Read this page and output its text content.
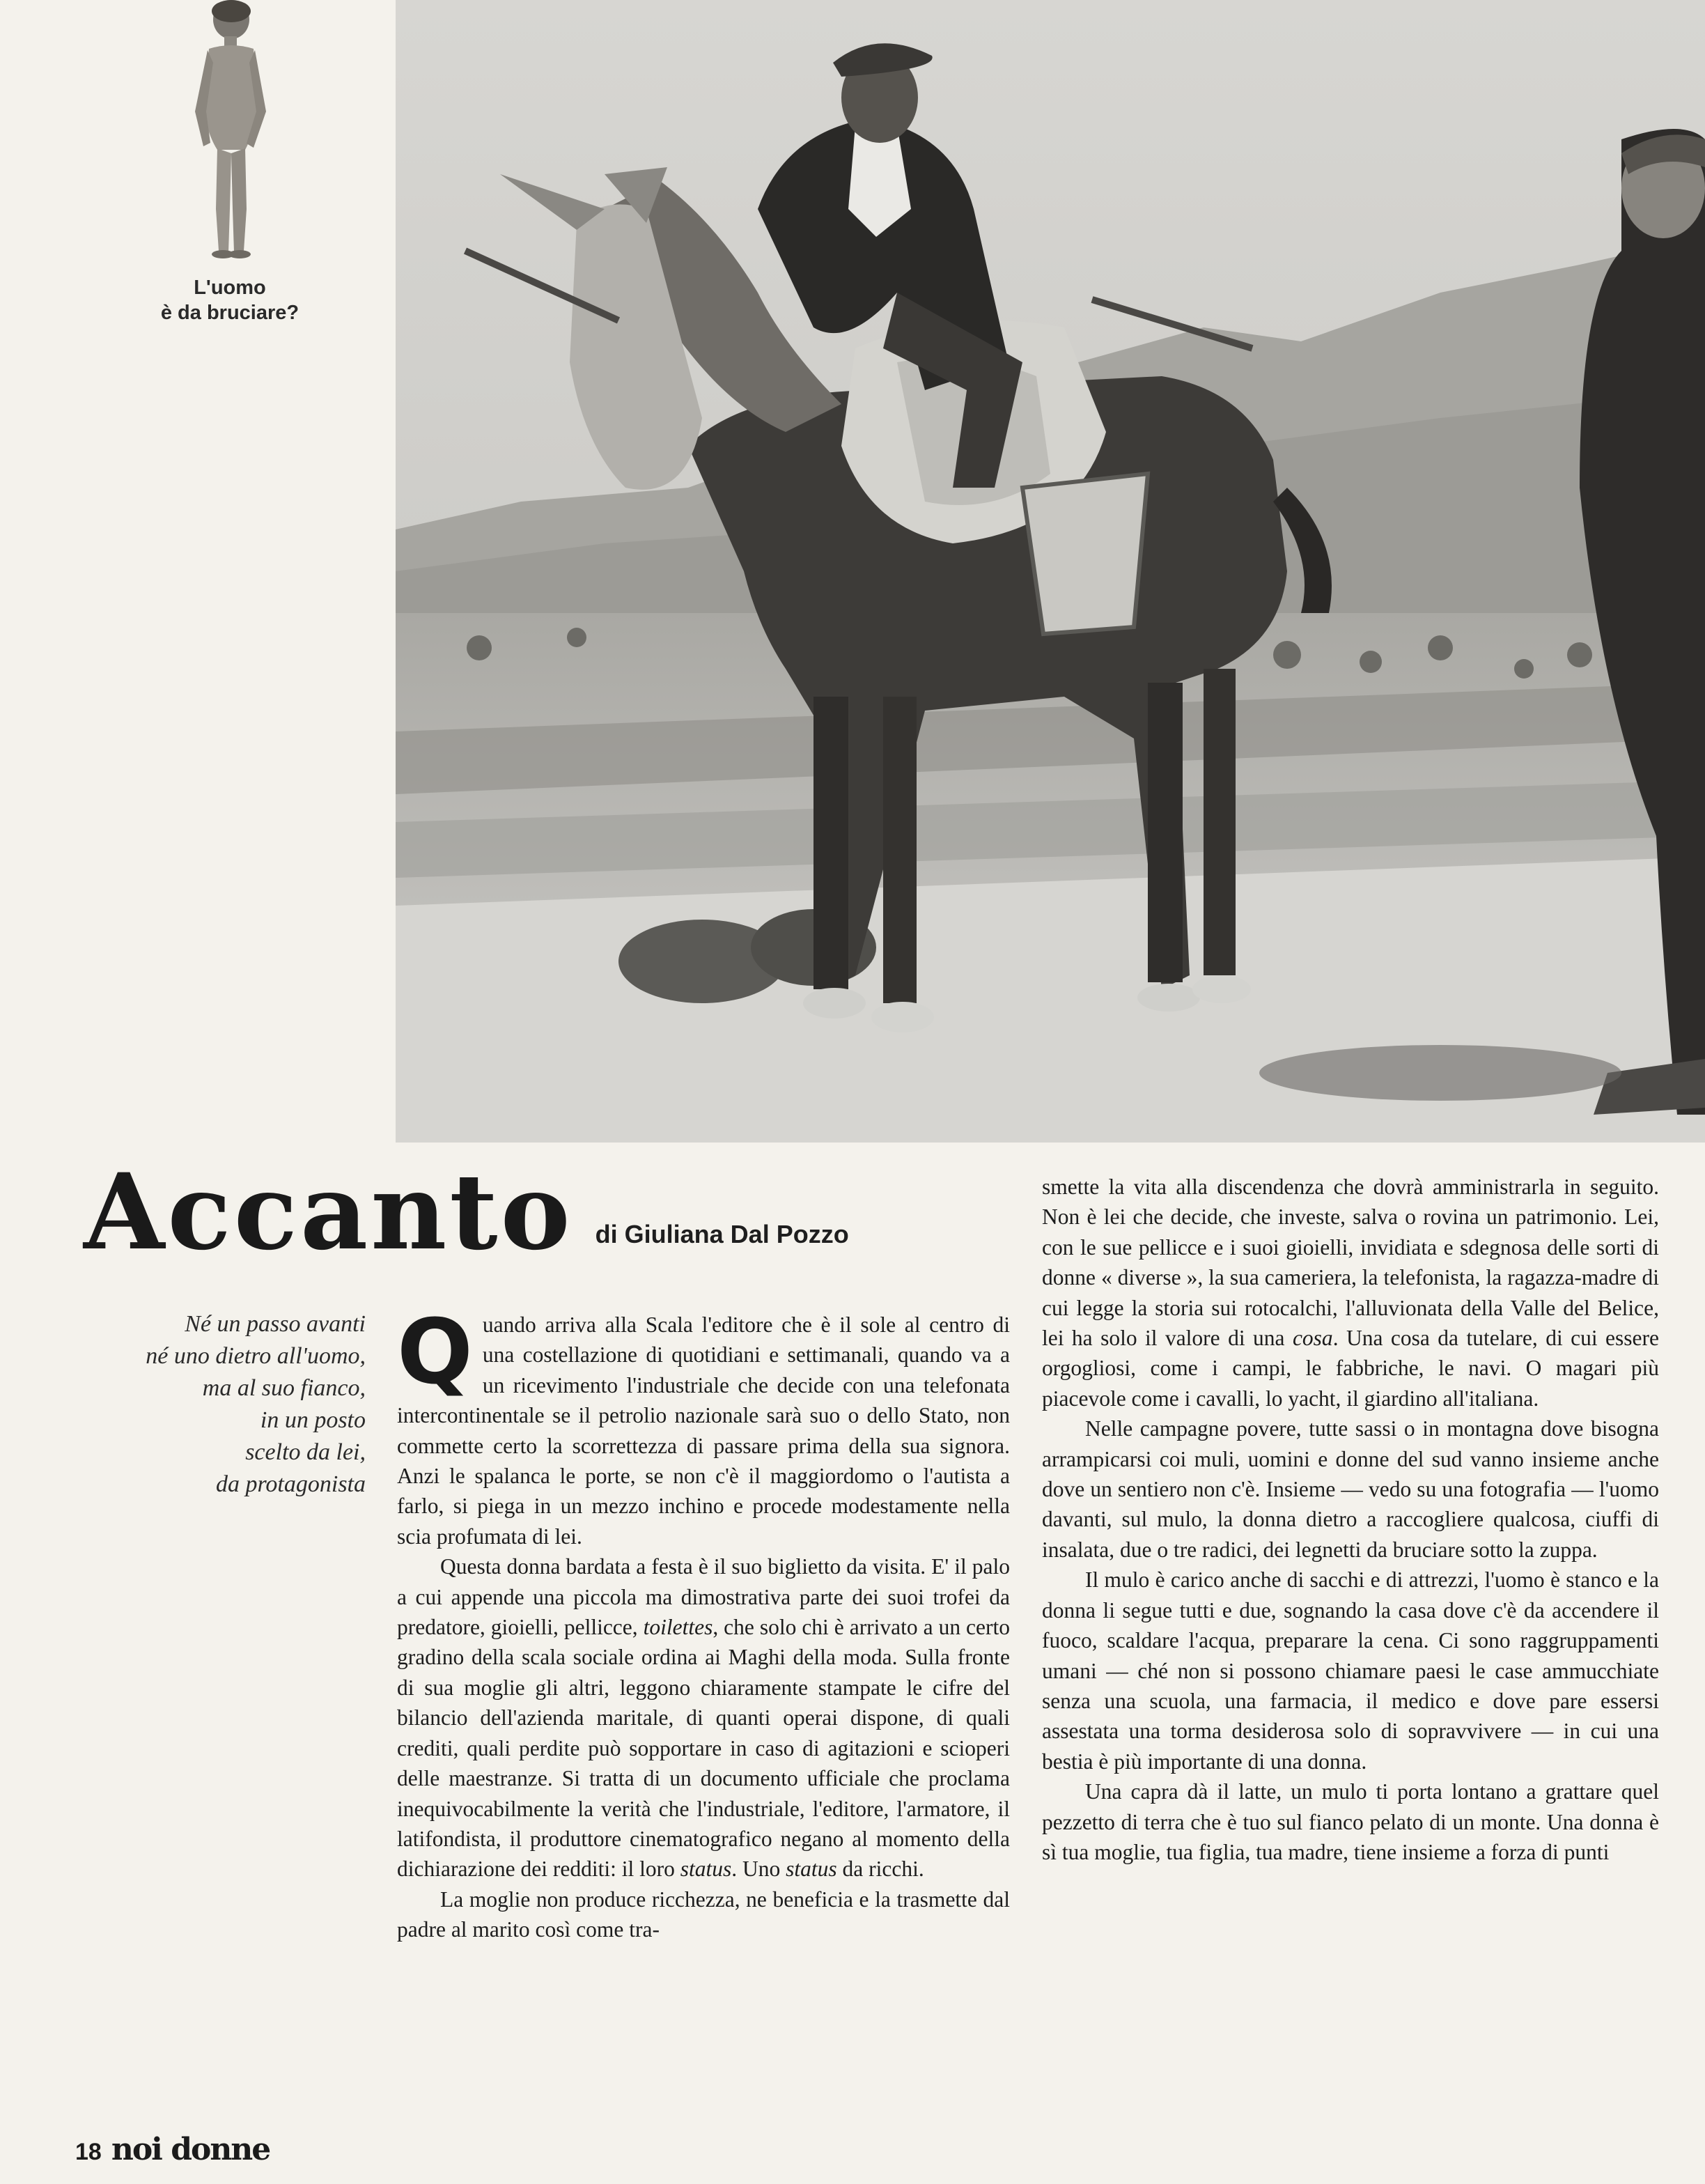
L'uomo
è da bruciare?
Accanto di Giuliana Dal Pozzo
Né un passo avanti
né uno dietro all'uomo,
ma al suo fianco,
in un posto
scelto da lei,
da protagonista

Quando arriva alla Scala l'editore che è il sole al centro di una costellazione di quotidiani e settimanali, quando va a un ricevimento l'industriale che decide con una telefonata intercontinentale se il petrolio nazionale sarà suo o dello Stato, non commette certo la scorrettezza di passare prima della sua signora. Anzi le spalanca le porte, se non c'è il maggiordomo o l'autista a farlo, si piega in un mezzo inchino e procede modestamente nella scia profumata di lei.

Questa donna bardata a festa è il suo biglietto da visita. E' il palo a cui appende una piccola ma dimostrativa parte dei suoi trofei da predatore, gioielli, pellicce, toilettes, che solo chi è arrivato a un certo gradino della scala sociale ordina ai Maghi della moda. Sulla fronte di sua moglie gli altri, leggono chiaramente stampate le cifre del bilancio dell'azienda maritale, di quanti operai dispone, di quali crediti, quali perdite può sopportare in caso di agitazioni e scioperi delle maestranze. Si tratta di un documento ufficiale che proclama inequivocabilmente la verità che l'industriale, l'editore, l'armatore, il latifondista, il produttore cinematografico negano al momento della dichiarazione dei redditi: il loro status. Uno status da ricchi.

La moglie non produce ricchezza, ne beneficia e la trasmette dal padre al marito così come tra-

smette la vita alla discendenza che dovrà amministrarla in seguito. Non è lei che decide, che investe, salva o rovina un patrimonio. Lei, con le sue pellicce e i suoi gioielli, invidiata e sdegnosa delle sorti di donne « diverse », la sua cameriera, la telefonista, la ragazza-madre di cui legge la storia sui rotocalchi, l'alluvionata della Valle del Belice, lei ha solo il valore di una cosa. Una cosa da tutelare, di cui essere orgogliosi, come i campi, le fabbriche, le navi. O magari più piacevole come i cavalli, lo yacht, il giardino all'italiana.

Nelle campagne povere, tutte sassi o in montagna dove bisogna arrampicarsi coi muli, uomini e donne del sud vanno insieme anche dove un sentiero non c'è. Insieme — vedo su una fotografia — l'uomo davanti, sul mulo, la donna dietro a raccogliere qualcosa, ciuffi di insalata, due o tre radici, dei legnetti da bruciare sotto la zuppa.

Il mulo è carico anche di sacchi e di attrezzi, l'uomo è stanco e la donna li segue tutti e due, sognando la casa dove c'è da accendere il fuoco, scaldare l'acqua, preparare la cena. Ci sono raggruppamenti umani — ché non si possono chiamare paesi le case ammucchiate senza una scuola, una farmacia, il medico e dove pare essersi assestata una torma desiderosa solo di sopravvivere — in cui una bestia è più importante di una donna.

Una capra dà il latte, un mulo ti porta lontano a grattare quel pezzetto di terra che è tuo sul fianco pelato di un monte. Una donna è sì tua moglie, tua figlia, tua madre, tiene insieme a forza di punti

18 noi donne
